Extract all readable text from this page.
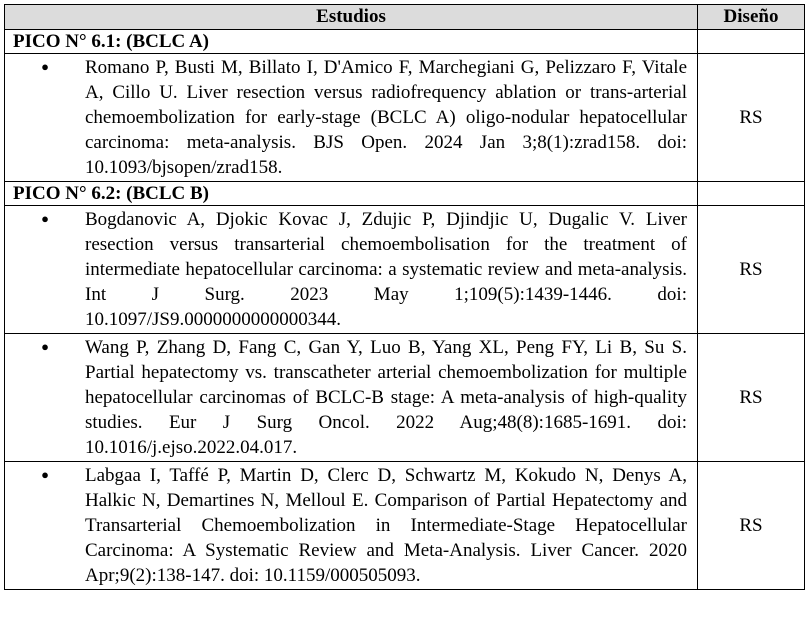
Estudios	Diseño
PICO N° 6.1: (BCLC A)	

● Romano P, Busti M, Billato I, D'Amico F, Marchegiani G, Pelizzaro F, Vitale A, Cillo U. Liver resection versus radiofrequency ablation or trans-arterial chemoembolization for early-stage (BCLC A) oligo-nodular hepatocellular carcinoma: meta-analysis. BJS Open. 2024 Jan 3;8(1):zrad158. doi: 10.1093/bjsopen/zrad158.	RS
PICO N° 6.2: (BCLC B)	

● Bogdanovic A, Djokic Kovac J, Zdujic P, Djindjic U, Dugalic V. Liver resection versus transarterial chemoembolisation for the treatment of intermediate hepatocellular carcinoma: a systematic review and meta-analysis. Int J Surg. 2023 May 1;109(5):1439-1446. doi: 10.1097/JS9.0000000000000344.	RS

● Wang P, Zhang D, Fang C, Gan Y, Luo B, Yang XL, Peng FY, Li B, Su S. Partial hepatectomy vs. transcatheter arterial chemoembolization for multiple hepatocellular carcinomas of BCLC-B stage: A meta-analysis of high-quality studies. Eur J Surg Oncol. 2022 Aug;48(8):1685-1691. doi: 10.1016/j.ejso.2022.04.017.	RS

● Labgaa I, Taffé P, Martin D, Clerc D, Schwartz M, Kokudo N, Denys A, Halkic N, Demartines N, Melloul E. Comparison of Partial Hepatectomy and Transarterial Chemoembolization in Intermediate-Stage Hepatocellular Carcinoma: A Systematic Review and Meta-Analysis. Liver Cancer. 2020 Apr;9(2):138-147. doi: 10.1159/000505093.	RS
